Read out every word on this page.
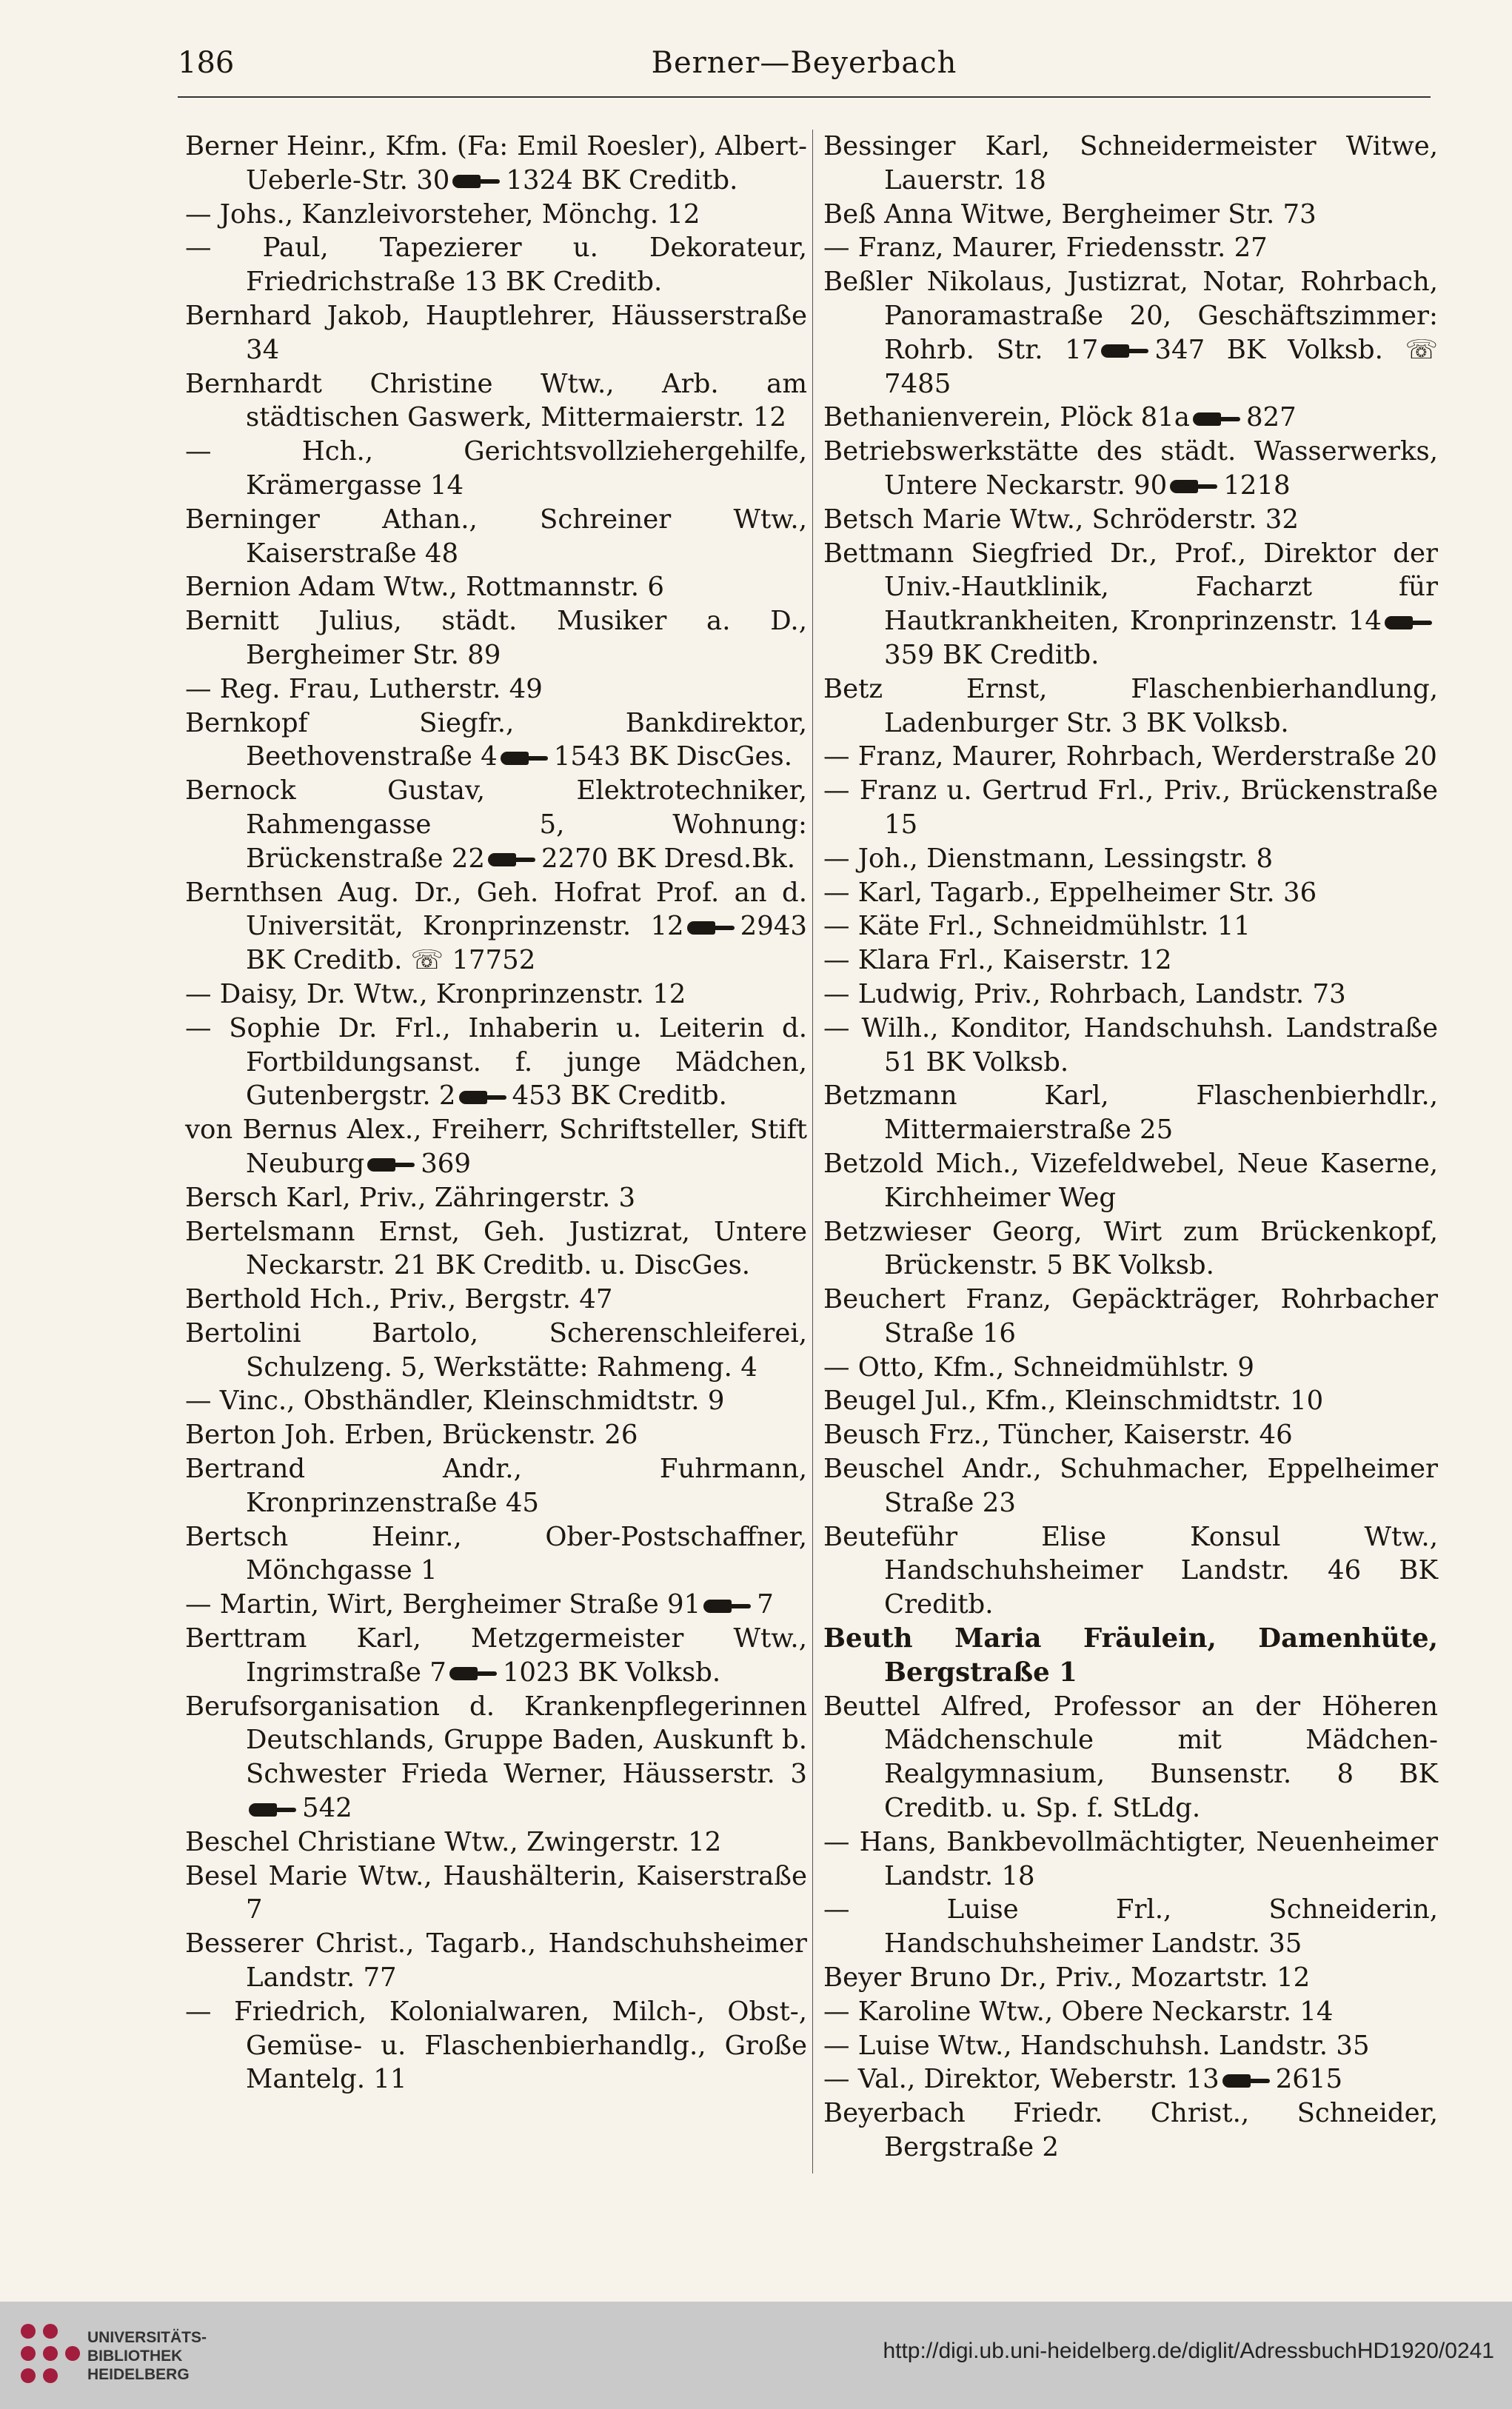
186	Berner—Beyerbach
Berner Heinr., Kfm. (Fa: Emil Roesler), Albert-Ueberle-Str. 30 1324 BK Creditb.
— Johs., Kanzleivorsteher, Mönchg. 12
— Paul, Tapezierer u. Dekorateur, Friedrichstraße 13 BK Creditb.
Bernhard Jakob, Hauptlehrer, Häusserstraße 34
Bernhardt Christine Wtw., Arb. am städtischen Gaswerk, Mittermaierstr. 12
— Hch., Gerichtsvollziehergehilfe, Krämergasse 14
Berninger Athan., Schreiner Wtw., Kaiserstraße 48
Bernion Adam Wtw., Rottmannstr. 6
Bernitt Julius, städt. Musiker a. D., Bergheimer Str. 89
— Reg. Frau, Lutherstr. 49
Bernkopf Siegfr., Bankdirektor, Beethovenstraße 4 1543 BK DiscGes.
Bernock Gustav, Elektrotechniker, Rahmengasse 5, Wohnung: Brückenstraße 22 2270 BK Dresd.Bk.
Bernthsen Aug. Dr., Geh. Hofrat Prof. an d. Universität, Kronprinzenstr. 12 2943 BK Creditb. ☏ 17752
— Daisy, Dr. Wtw., Kronprinzenstr. 12
— Sophie Dr. Frl., Inhaberin u. Leiterin d. Fortbildungsanst. f. junge Mädchen, Gutenbergstr. 2 453 BK Creditb.
von Bernus Alex., Freiherr, Schriftsteller, Stift Neuburg 369
Bersch Karl, Priv., Zähringerstr. 3
Bertelsmann Ernst, Geh. Justizrat, Untere Neckarstr. 21 BK Creditb. u. DiscGes.
Berthold Hch., Priv., Bergstr. 47
Bertolini Bartolo, Scherenschleiferei, Schulzeng. 5, Werkstätte: Rahmeng. 4
— Vinc., Obsthändler, Kleinschmidtstr. 9
Berton Joh. Erben, Brückenstr. 26
Bertrand Andr., Fuhrmann, Kronprinzenstraße 45
Bertsch Heinr., Ober-Postschaffner, Mönchgasse 1
— Martin, Wirt, Bergheimer Straße 91 7
Berttram Karl, Metzgermeister Wtw., Ingrimstraße 7 1023 BK Volksb.
Berufsorganisation d. Krankenpflegerinnen Deutschlands, Gruppe Baden, Auskunft b. Schwester Frieda Werner, Häusserstr. 3542
Beschel Christiane Wtw., Zwingerstr. 12
Besel Marie Wtw., Haushälterin, Kaiserstraße 7
Besserer Christ., Tagarb., Handschuhsheimer Landstr. 77
— Friedrich, Kolonialwaren, Milch-, Obst-, Gemüse- u. Flaschenbierhandlg., Große Mantelg. 11
Bessinger Karl, Schneidermeister Witwe, Lauerstr. 18
Beß Anna Witwe, Bergheimer Str. 73
— Franz, Maurer, Friedensstr. 27
Beßler Nikolaus, Justizrat, Notar, Rohrbach, Panoramastraße 20, Geschäftszimmer: Rohrb. Str. 17 347 BK Volksb. ☏ 7485
Bethanienverein, Plöck 81a 827
Betriebswerkstätte des städt. Wasserwerks, Untere Neckarstr. 90 1218
Betsch Marie Wtw., Schröderstr. 32
Bettmann Siegfried Dr., Prof., Direktor der Univ.-Hautklinik, Facharzt für Hautkrankheiten, Kronprinzenstr. 14359 BK Creditb.
Betz Ernst, Flaschenbierhandlung, Ladenburger Str. 3 BK Volksb.
— Franz, Maurer, Rohrbach, Werderstraße 20
— Franz u. Gertrud Frl., Priv., Brückenstraße 15
— Joh., Dienstmann, Lessingstr. 8
— Karl, Tagarb., Eppelheimer Str. 36
— Käte Frl., Schneidmühlstr. 11
— Klara Frl., Kaiserstr. 12
— Ludwig, Priv., Rohrbach, Landstr. 73
— Wilh., Konditor, Handschuhsh. Landstraße 51 BK Volksb.
Betzmann Karl, Flaschenbierhdlr., Mittermaierstraße 25
Betzold Mich., Vizefeldwebel, Neue Kaserne, Kirchheimer Weg
Betzwieser Georg, Wirt zum Brückenkopf, Brückenstr. 5 BK Volksb.
Beuchert Franz, Gepäckträger, Rohrbacher Straße 16
— Otto, Kfm., Schneidmühlstr. 9
Beugel Jul., Kfm., Kleinschmidtstr. 10
Beusch Frz., Tüncher, Kaiserstr. 46
Beuschel Andr., Schuhmacher, Eppelheimer Straße 23
Beuteführ Elise Konsul Wtw., Handschuhsheimer Landstr. 46 BK Creditb.
Beuth Maria Fräulein, Damenhüte, Bergstraße 1
Beuttel Alfred, Professor an der Höheren Mädchenschule mit Mädchen-Realgymnasium, Bunsenstr. 8 BK Creditb. u. Sp. f. StLdg.
— Hans, Bankbevollmächtigter, Neuenheimer Landstr. 18
— Luise Frl., Schneiderin, Handschuhsheimer Landstr. 35
Beyer Bruno Dr., Priv., Mozartstr. 12
— Karoline Wtw., Obere Neckarstr. 14
— Luise Wtw., Handschuhsh. Landstr. 35
— Val., Direktor, Weberstr. 13 2615
Beyerbach Friedr. Christ., Schneider, Bergstraße 2
UNIVERSITÄTS-
BIBLIOTHEK
HEIDELBERG
http://digi.ub.uni-heidelberg.de/diglit/AdressbuchHD1920/0241
